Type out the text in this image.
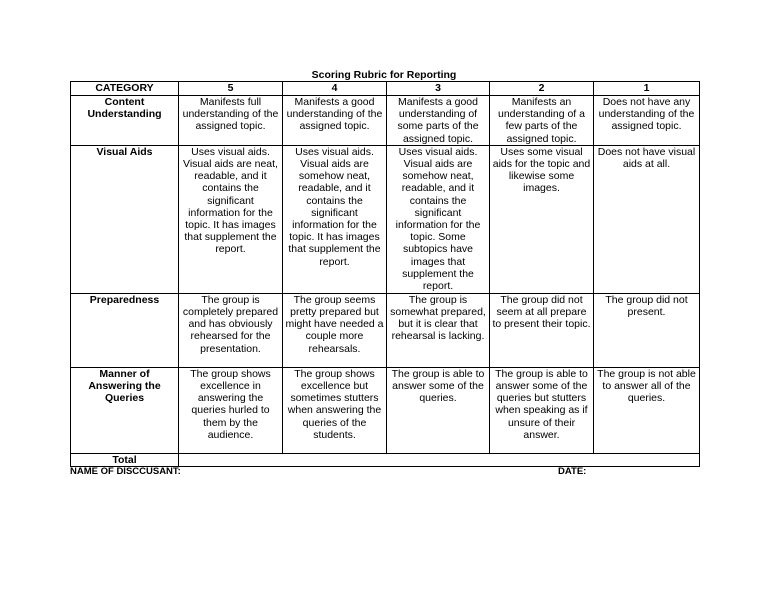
Scoring Rubric for Reporting
CATEGORY	5	4	3	2	1
Content Understanding	Manifests full understanding of the assigned topic.	Manifests a good understanding of the assigned topic.	Manifests a good understanding of some parts of the assigned topic.	Manifests an understanding of a few parts of the assigned topic.	Does not have any understanding of the assigned topic.
Visual Aids	Uses visual aids. Visual aids are neat, readable, and it contains the significant information for the topic. It has images that supplement the report.	Uses visual aids. Visual aids are somehow neat, readable, and it contains the significant information for the topic. It has images that supplement the report.	Uses visual aids. Visual aids are somehow neat, readable, and it contains the significant information for the topic. Some subtopics have images that supplement the report.	Uses some visual aids for the topic and likewise some images.	Does not have visual aids at all.
Preparedness	The group is completely prepared and has obviously rehearsed for the presentation.	The group seems pretty prepared but might have needed a couple more rehearsals.	The group is somewhat prepared, but it is clear that rehearsal is lacking.	The group did not seem at all prepare to present their topic.	The group did not present.
Manner of Answering the Queries	The group shows excellence in answering the queries hurled to them by the audience.	The group shows excellence but sometimes stutters when answering the queries of the students.	The group is able to answer some of the queries.	The group is able to answer some of the queries but stutters when speaking as if unsure of their answer.	The group is not able to answer all of the queries.
Total					
NAME OF DISCCUSANT:	DATE:
